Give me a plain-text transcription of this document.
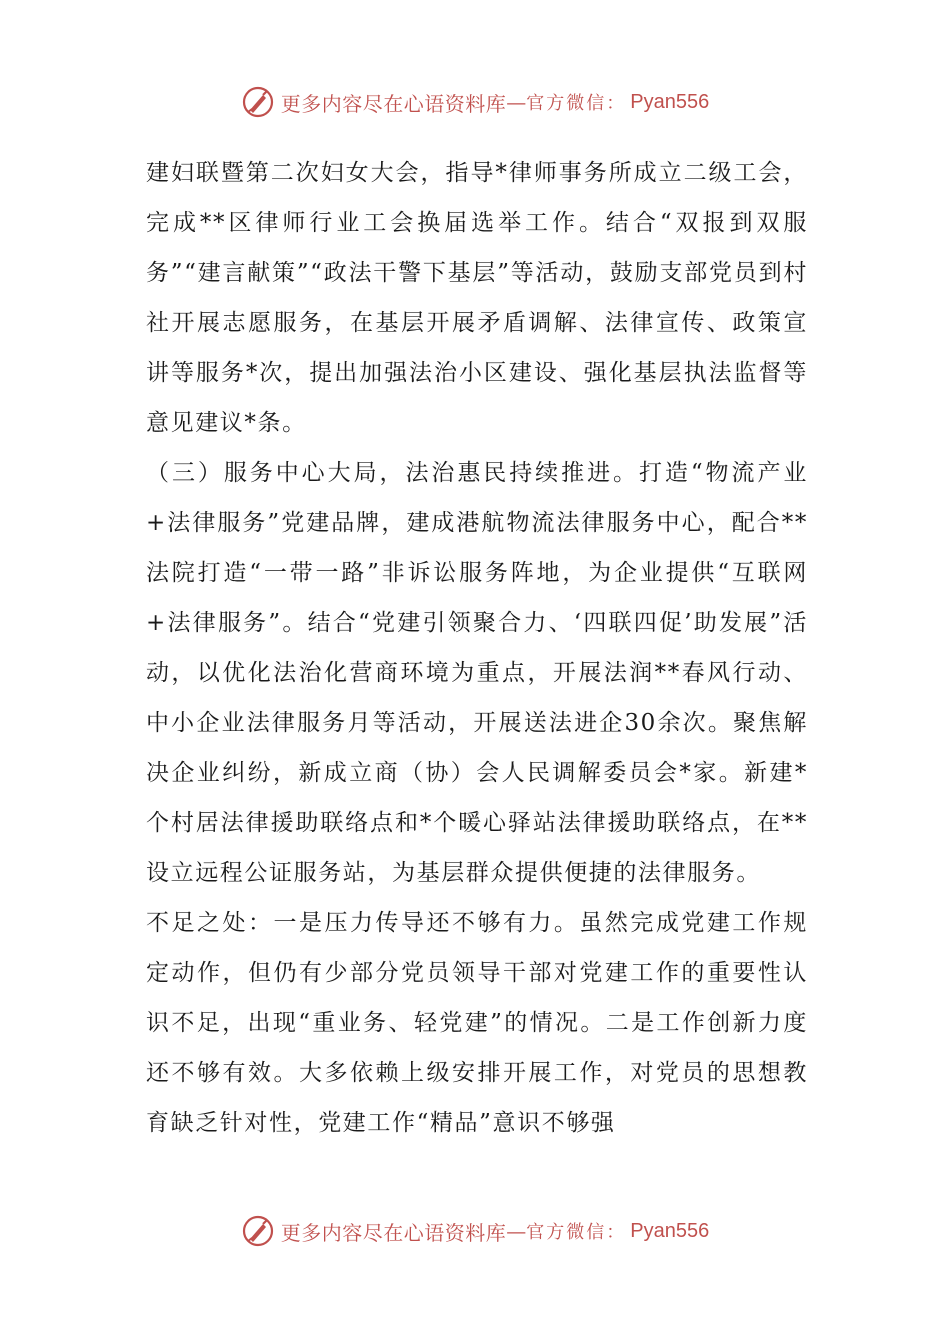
更多内容尽在心语资料库 — 官方微信： Pyan556

建妇联暨第二次妇女大会，指导*律师事务所成立二级工会，完成**区律师行业工会换届选举工作。结合“双报到双服务”“建言献策”“政法干警下基层”等活动，鼓励支部党员到村社开展志愿服务，在基层开展矛盾调解、法律宣传、政策宣讲等服务*次，提出加强法治小区建设、强化基层执法监督等意见建议*条。

（三）服务中心大局，法治惠民持续推进。打造“物流产业+法律服务”党建品牌，建成港航物流法律服务中心，配合**法院打造“一带一路”非诉讼服务阵地，为企业提供“互联网+法律服务”。结合“党建引领聚合力、‘四联四促’助发展”活动，以优化法治化营商环境为重点，开展法润**春风行动、中小企业法律服务月等活动，开展送法进企30余次。聚焦解决企业纠纷，新成立商（协）会人民调解委员会*家。新建*个村居法律援助联络点和*个暖心驿站法律援助联络点，在**设立远程公证服务站，为基层群众提供便捷的法律服务。

不足之处：一是压力传导还不够有力。虽然完成党建工作规定动作，但仍有少部分党员领导干部对党建工作的重要性认识不足，出现“重业务、轻党建”的情况。二是工作创新力度还不够有效。大多依赖上级安排开展工作，对党员的思想教育缺乏针对性，党建工作“精品”意识不够强

更多内容尽在心语资料库 — 官方微信： Pyan556
